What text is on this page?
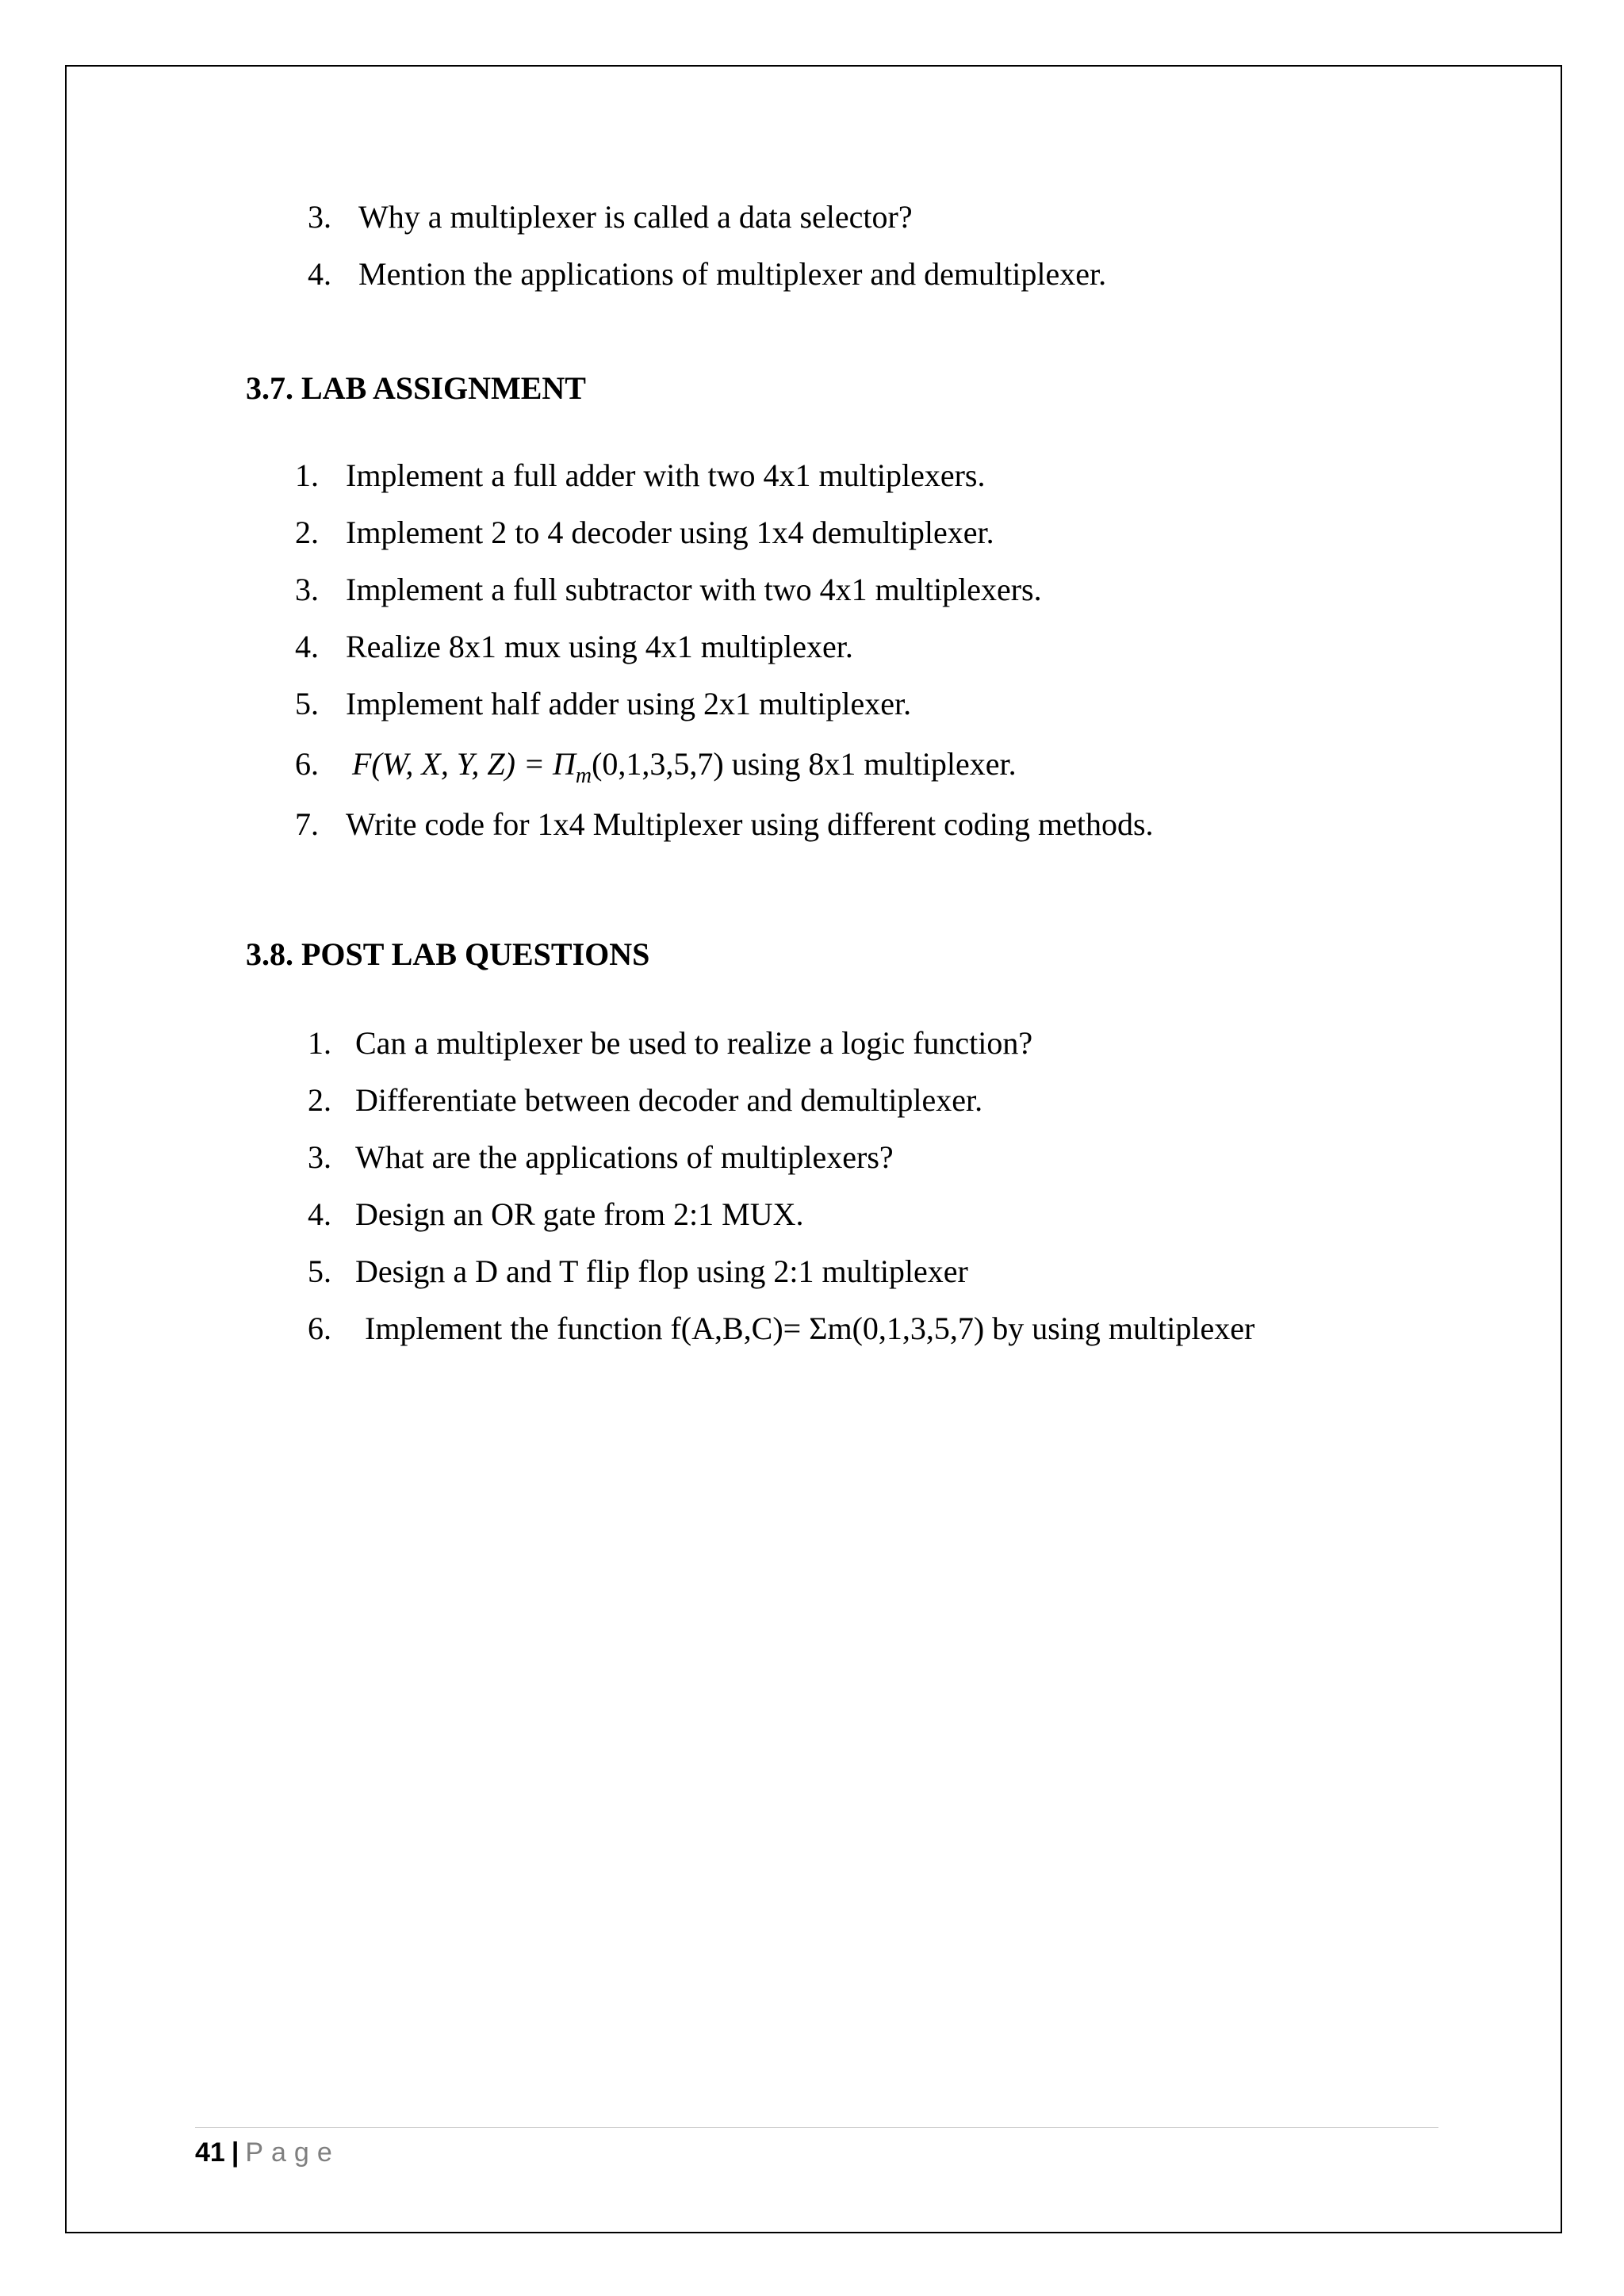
3. Why a multiplexer is called a data selector?
4. Mention the applications of multiplexer and demultiplexer.
3.7. LAB ASSIGNMENT
1. Implement a full adder with two 4x1 multiplexers.
2. Implement 2 to 4 decoder using 1x4 demultiplexer.
3. Implement a full subtractor with two 4x1 multiplexers.
4. Realize 8x1 mux using 4x1 multiplexer.
5. Implement half adder using 2x1 multiplexer.
6. F(W, X, Y, $Z) = \Pi_m(0,1,3,5,7)$ using 8x1 multiplexer.
7. Write code for 1x4 Multiplexer using different coding methods.
3.8. POST LAB QUESTIONS
1. Can a multiplexer be used to realize a logic function?
2. Differentiate between decoder and demultiplexer.
3. What are the applications of multiplexers?
4. Design an OR gate from 2:1 MUX.
5. Design a D and T flip flop using 2:1 multiplexer
6. Implement the function f(A,B,C)= Σm(0,1,3,5,7) by using multiplexer
41 | Page
